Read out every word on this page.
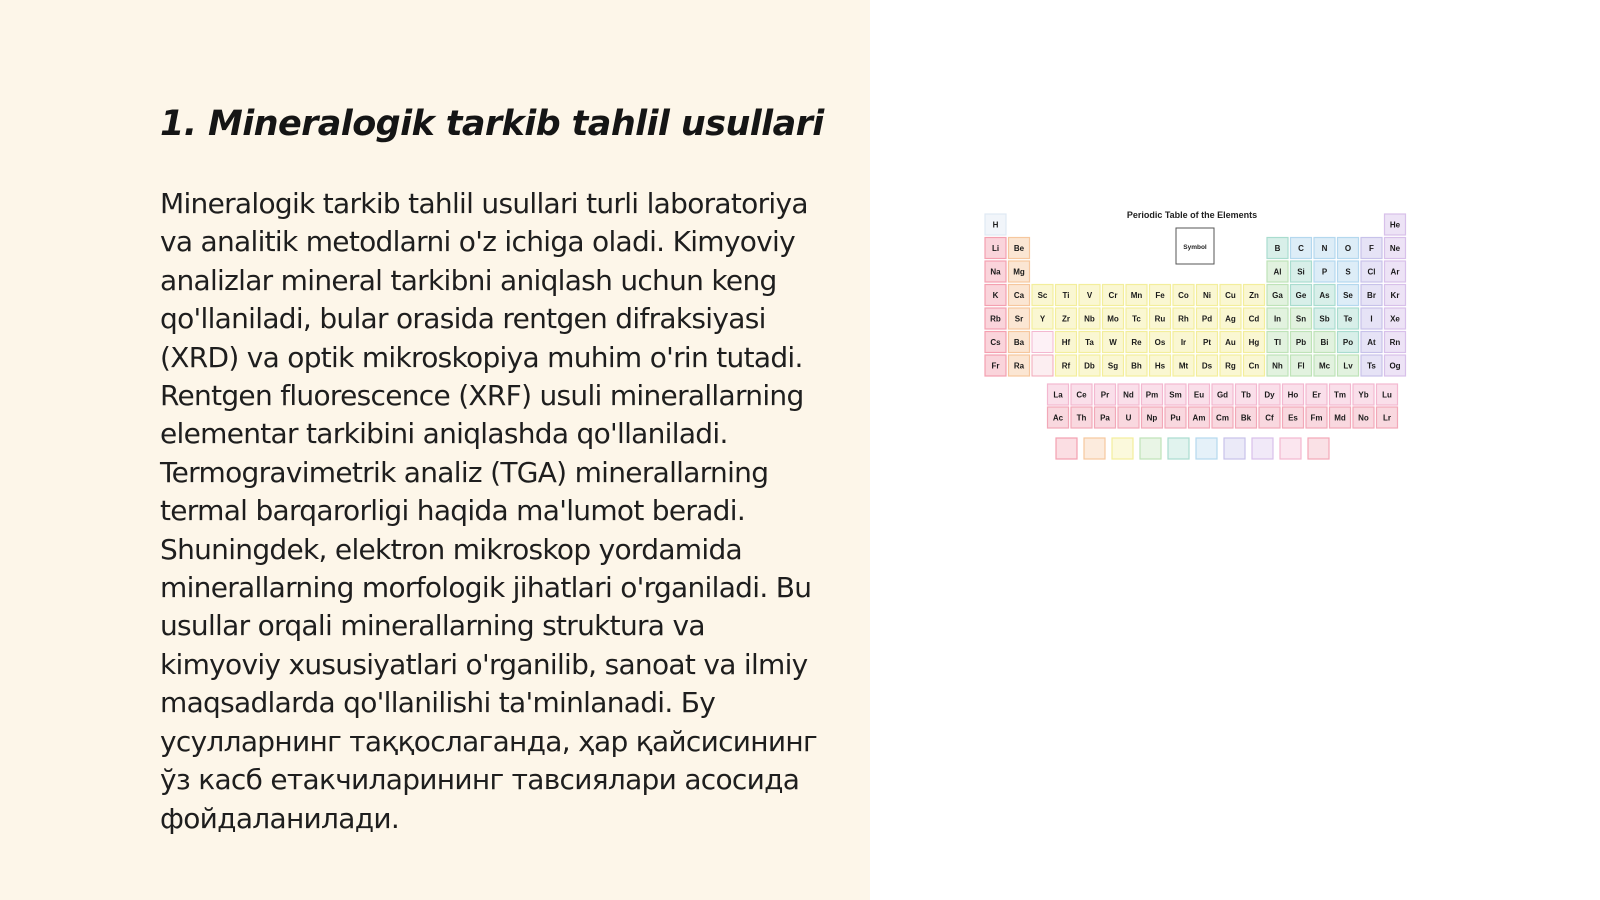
1. Mineralogik tarkib tahlil usullari

Mineralogik tarkib tahlil usullari turli laboratoriya va analitik metodlarni o'z ichiga oladi. Kimyoviy analizlar mineral tarkibni aniqlash uchun keng qo'llaniladi, bular orasida rentgen difraksiyasi (XRD) va optik mikroskopiya muhim o'rin tutadi. Rentgen fluorescence (XRF) usuli minerallarning elementar tarkibini aniqlashda qo'llaniladi. Termogravimetrik analiz (TGA) minerallarning termal barqarorligi haqida ma'lumot beradi. Shuningdek, elektron mikroskop yordamida minerallarning morfologik jihatlari o'rganiladi. Bu usullar orqali minerallarning struktura va kimyoviy xususiyatlari o'rganilib, sanoat va ilmiy maqsadlarda qo'llanilishi ta'minlanadi. Бу усулларнинг таққослаганда, ҳар қайсисининг ўз касб етакчиларининг тавсиялари асосида фойдаланилади.

Periodic Table of the Elements
Symbol
H	He
Li Be	B C N O F Ne
Na Mg	Al Si P S Cl Ar
K Ca Sc Ti V Cr Mn Fe Co Ni Cu Zn Ga Ge As Se Br Kr
Rb Sr Y Zr Nb Mo Tc Ru Rh Pd Ag Cd In Sn Sb Te I Xe
Cs Ba	Hf Ta W Re Os Ir Pt Au Hg Tl Pb Bi Po At Rn
Fr Ra	Rf Db Sg Bh Hs Mt Ds Rg Cn Nh Fl Mc Lv Ts Og
La Ce Pr Nd Pm Sm Eu Gd Tb Dy Ho Er Tm Yb Lu
Ac Th Pa U Np Pu Am Cm Bk Cf Es Fm Md No Lr
